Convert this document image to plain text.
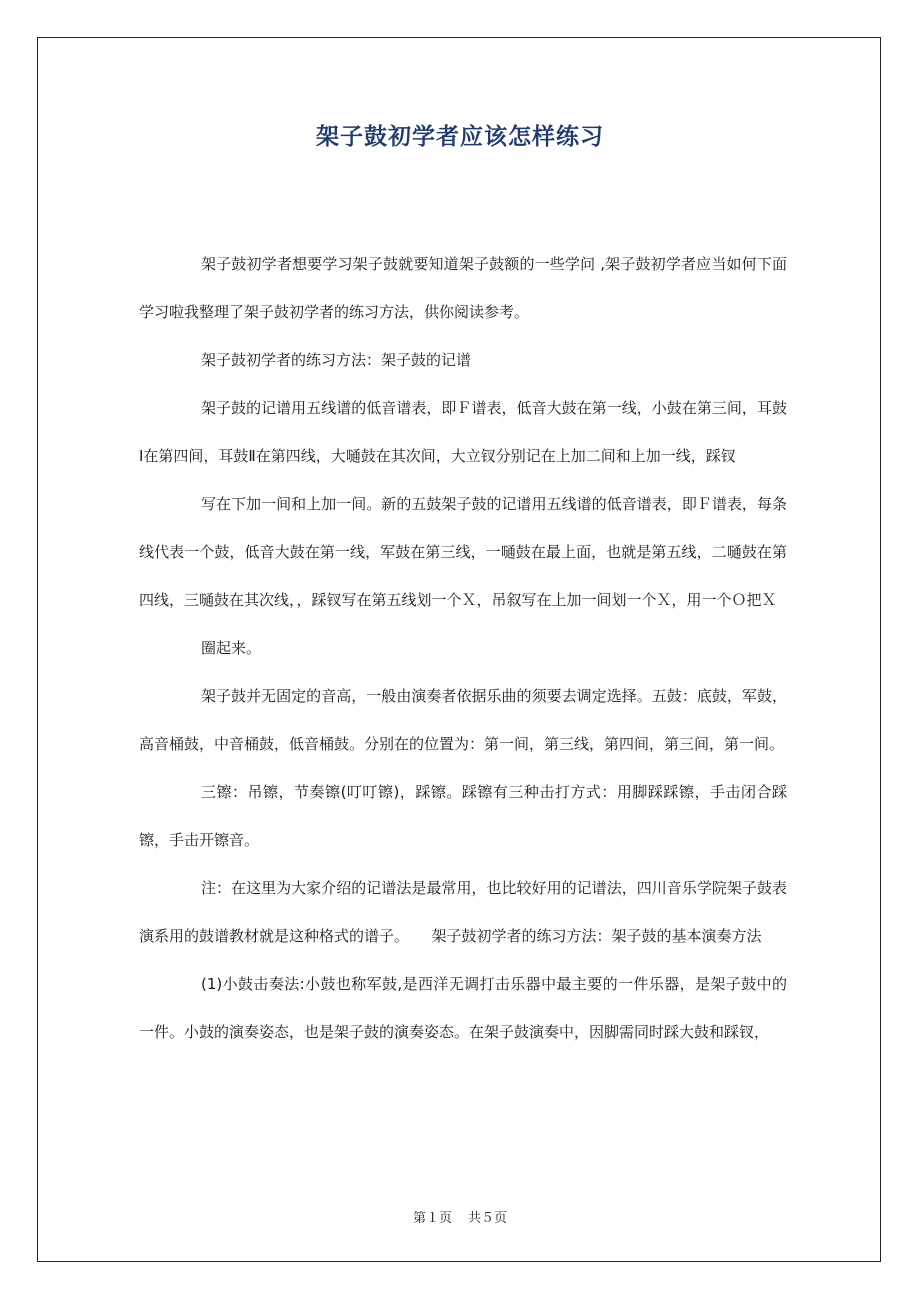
架子鼓初学者应该怎样练习

架子鼓初学者想要学习架子鼓就要知道架子鼓额的一些学问 ,架子鼓初学者应当如何下面学习啦我整理了架子鼓初学者的练习方法，供你阅读参考。

架子鼓初学者的练习方法：架子鼓的记谱

架子鼓的记谱用五线谱的低音谱表，即Ｆ谱表，低音大鼓在第一线，小鼓在第三间，耳鼓Ⅰ在第四间，耳鼓Ⅱ在第四线，大嗵鼓在其次间，大立钗分别记在上加二间和上加一线，踩钗

写在下加一间和上加一间。新的五鼓架子鼓的记谱用五线谱的低音谱表，即Ｆ谱表，每条线代表一个鼓，低音大鼓在第一线，军鼓在第三线，一嗵鼓在最上面，也就是第五线，二嗵鼓在第四线，三嗵鼓在其次线，，踩钗写在第五线划一个Ｘ，吊叙写在上加一间划一个Ｘ，用一个Ｏ把Ｘ

圈起来。

架子鼓并无固定的音高，一般由演奏者依据乐曲的须要去调定选择。五鼓：底鼓，军鼓，高音桶鼓，中音桶鼓，低音桶鼓。分别在的位置为：第一间，第三线，第四间，第三间，第一间。

三镲：吊镲，节奏镲(叮叮镲)，踩镲。踩镲有三种击打方式：用脚踩踩镲，手击闭合踩镲，手击开镲音。

注：在这里为大家介绍的记谱法是最常用，也比较好用的记谱法，四川音乐学院架子鼓表演系用的鼓谱教材就是这种格式的谱子。　　架子鼓初学者的练习方法：架子鼓的基本演奏方法

(1)小鼓击奏法:小鼓也称军鼓,是西洋无调打击乐器中最主要的一件乐器，是架子鼓中的一件。小鼓的演奏姿态，也是架子鼓的演奏姿态。在架子鼓演奏中，因脚需同时踩大鼓和踩钗，

第１页 共５页
